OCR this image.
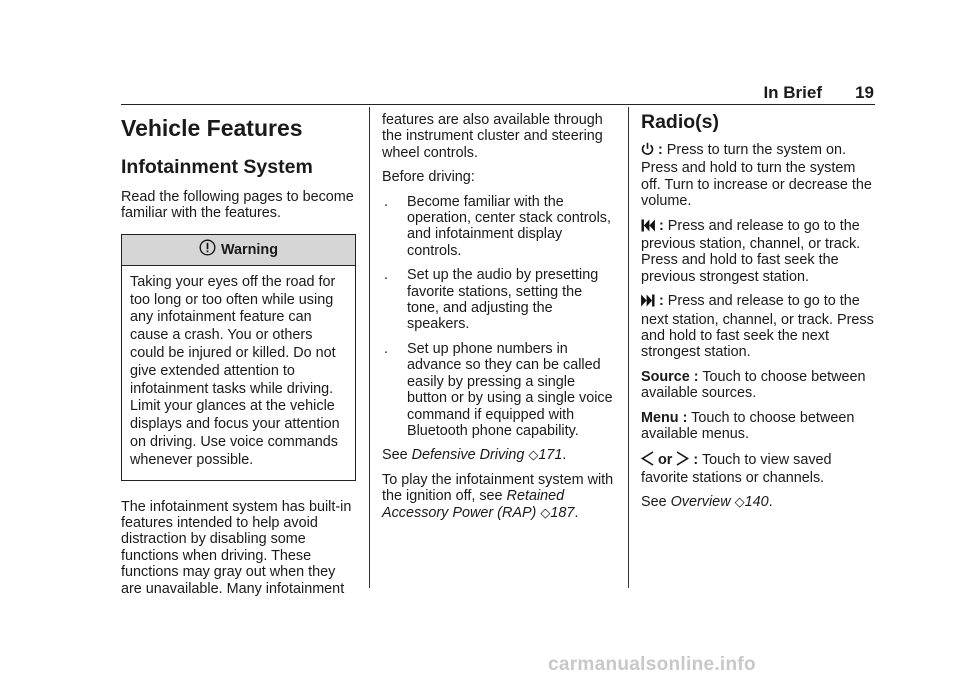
In Brief 19
Vehicle Features
Infotainment System

Read the following pages to become familiar with the features.

Warning
Taking your eyes off the road for too long or too often while using any infotainment feature can cause a crash. You or others could be injured or killed. Do not give extended attention to infotainment tasks while driving. Limit your glances at the vehicle displays and focus your attention on driving. Use voice commands whenever possible.

The infotainment system has built-in features intended to help avoid distraction by disabling some functions when driving. These functions may gray out when they are unavailable. Many infotainment

features are also available through the instrument cluster and steering wheel controls.

Before driving:

.	Become familiar with the operation, center stack controls, and infotainment display controls.
.	Set up the audio by presetting favorite stations, setting the tone, and adjusting the speakers.
.	Set up phone numbers in advance so they can be called easily by pressing a single button or by using a single voice command if equipped with Bluetooth phone capability.

See Defensive Driving ◇171.

To play the infotainment system with the ignition off, see Retained Accessory Power (RAP) ◇187.

Radio(s)

: Press to turn the system on. Press and hold to turn the system off. Turn to increase or decrease the volume.

: Press and release to go to the previous station, channel, or track. Press and hold to fast seek the previous strongest station.

: Press and release to go to the next station, channel, or track. Press and hold to fast seek the next strongest station.

Source : Touch to choose between available sources.

Menu : Touch to choose between available menus.

or : Touch to view saved favorite stations or channels.

See Overview ◇140.

carmanualsonline.info
